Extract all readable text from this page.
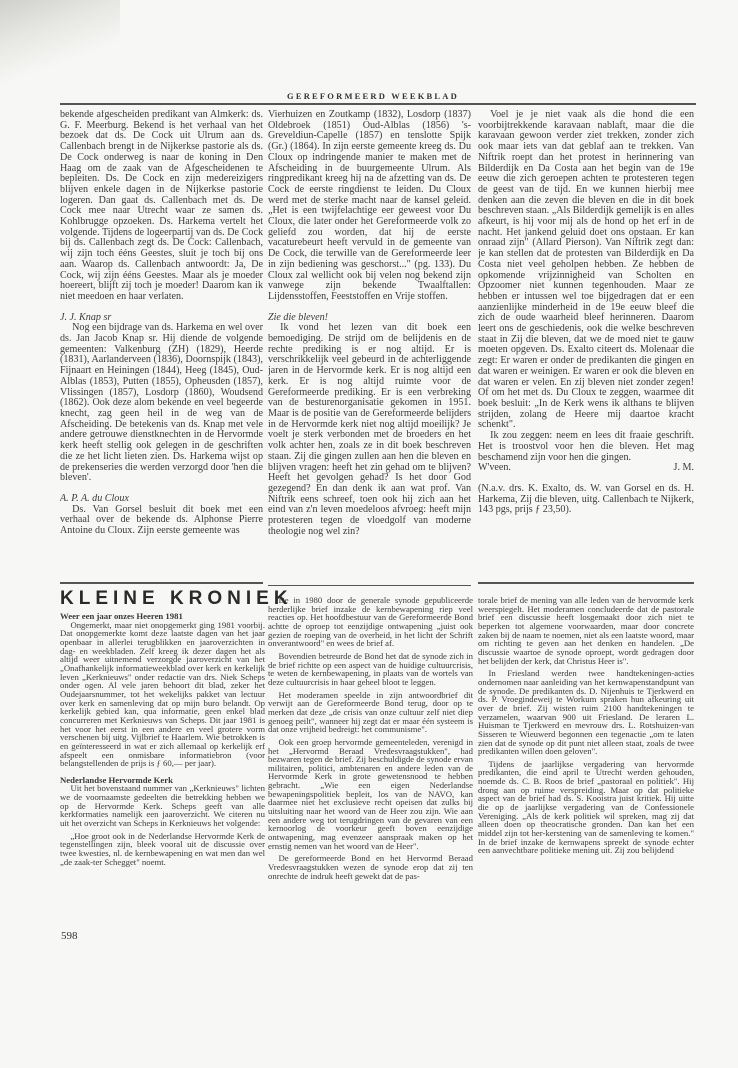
GEREFORMEERD WEEKBLAD

bekende afgescheiden predikant van Almkerk: ds. G. F. Meerburg. Bekend is het verhaal van het bezoek dat ds. De Cock uit Ulrum aan ds. Callenbach brengt in de Nijkerkse pastorie als ds. De Cock onderweg is naar de koning in Den Haag om de zaak van de Afgescheidenen te bepleiten. Ds. De Cock en zijn medereizigers blijven enkele dagen in de Nijkerkse pastorie logeren. Dan gaat ds. Callenbach met ds. De Cock mee naar Utrecht waar ze samen ds. Kohlbrugge opzoeken. Ds. Harkema vertelt het volgende. Tijdens de logeerpartij van ds. De Cock bij ds. Callenbach zegt ds. De Cock: Callenbach, wij zijn toch ééns Geestes, sluit je toch bij ons aan. Waarop ds. Callenbach antwoordt: Ja, De Cock, wij zijn ééns Geestes. Maar als je moeder hoereert, blijft zij toch je moeder! Daarom kan ik niet meedoen en haar verlaten.

J. J. Knap sr

Nog een bijdrage van ds. Harkema en wel over ds. Jan Jacob Knap sr. Hij diende de volgende gemeenten: Valkenburg (ZH) (1829), Heerde (1831), Aarlanderveen (1836), Doornspijk (1843), Fijnaart en Heiningen (1844), Heeg (1845), Oud-Alblas (1853), Putten (1855), Opheusden (1857), Vlissingen (1857), Losdorp (1860), Woudsend (1862). Ook deze alom bekende en veel begeerde knecht, zag geen heil in de weg van de Afscheiding. De betekenis van ds. Knap met vele andere getrouwe dienstknechten in de Hervormde kerk heeft stellig ook gelegen in de geschriften die ze het licht lieten zien. Ds. Harkema wijst op de prekenseries die werden verzorgd door 'hen die bleven'.

A. P. A. du Cloux

Ds. Van Gorsel besluit dit boek met een verhaal over de bekende ds. Alphonse Pierre Antoine du Cloux. Zijn eerste gemeente was

Vierhuizen en Zoutkamp (1832), Losdorp (1837) Oldebroek (1851) Oud-Alblas (1856) 's-Greveldiun-Capelle (1857) en tenslotte Spijk (Gr.) (1864). In zijn eerste gemeente kreeg ds. Du Cloux op indringende manier te maken met de Afscheiding in de buurgemeente Ulrum. Als ringpredikant kreeg hij na de afzetting van ds. De Cock de eerste ringdienst te leiden. Du Cloux werd met de sterke macht naar de kansel geleid. „Het is een twijfelachtige eer geweest voor Du Cloux, die later onder het Gereformeerde volk zo geliefd zou worden, dat hij de eerste vacaturebeurt heeft vervuld in de gemeente van De Cock, die terwille van de Gereformeerde leer in zijn bediening was geschorst..." (pg. 133). Du Cloux zal wellicht ook bij velen nog bekend zijn vanwege zijn bekende Twaalftallen: Lijdensstoffen, Feeststoffen en Vrije stoffen.

Zie die bleven!

Ik vond het lezen van dit boek een bemoediging. De strijd om de belijdenis en de rechte prediking is er nog altijd. Er is verschrikkelijk veel gebeurd in de achterliggende jaren in de Hervormde kerk. Er is nog altijd een kerk. Er is nog altijd ruimte voor de Gereformeerde prediking. Er is een verbreking van de besturenorganisatie gekomen in 1951. Maar is de positie van de Gereformeerde belijders in de Hervormde kerk niet nog altijd moeilijk? Je voelt je sterk verbonden met de broeders en het volk achter hen, zoals ze in dit boek beschreven staan. Zij die gingen zullen aan hen die bleven en blijven vragen: heeft het zin gehad om te blijven? Heeft het gevolgen gehad? Is het door God gezegend? En dan denk ik aan wat prof. Van Niftrik eens schreef, toen ook hij zich aan het eind van z'n leven moedeloos afvroeg: heeft mijn protesteren tegen de vloedgolf van moderne theologie nog wel zin?

Voel je je niet vaak als die hond die een voorbijtrekkende karavaan nablaft, maar die die karavaan gewoon verder ziet trekken, zonder zich ook maar iets van dat geblaf aan te trekken. Van Niftrik roept dan het protest in herinnering van Bilderdijk en Da Costa aan het begin van de 19e eeuw die zich geroepen achten te protesteren tegen de geest van de tijd. En we kunnen hierbij mee denken aan die zeven die bleven en die in dit boek beschreven staan. „Als Bilderdijk gemelijk is en alles afkeurt, is hij voor mij als de hond op het erf in de nacht. Het jankend geluid doet ons opstaan. Er kan onraad zijn" (Allard Pierson). Van Niftrik zegt dan: je kan stellen dat de protesten van Bilderdijk en Da Costa niet veel geholpen hebben. Ze hebben de opkomende vrijzinnigheid van Scholten en Opzoomer niet kunnen tegenhouden. Maar ze hebben er intussen wel toe bijgedragen dat er een aanzienlijke minderheid in de 19e eeuw bleef die zich de oude waarheid bleef herinneren. Daarom leert ons de geschiedenis, ook die welke beschreven staat in Zij die bleven, dat we de moed niet te gauw moeten opgeven. Ds. Exalto citeert ds. Molenaar die zegt: Er waren er onder de predikanten die gingen en dat waren er weinigen. Er waren er ook die bleven en dat waren er velen. En zij bleven niet zonder zegen! Of om het met ds. Du Cloux te zeggen, waarmee dit boek besluit: „In de Kerk wens ik althans te blijven strijden, zolang de Heere mij daartoe kracht schenkt".

Ik zou zeggen: neem en lees dit fraaie geschrift. Het is troostvol voor hen die bleven. Het mag beschamend zijn voor hen die gingen.

W'veen.	J. M.

(N.a.v. drs. K. Exalto, ds. W. van Gorsel en ds. H. Harkema, Zij die bleven, uitg. Callenbach te Nijkerk, 143 pgs, prijs ƒ 23,50).

KLEINE KRONIEK
Weer een jaar onzes Heeren 1981

Ongemerkt, maar niet onopgemerkt ging 1981 voorbij. Dat onopgemerkte komt deze laatste dagen van het jaar openbaar in allerlei terugblikken en jaaroverzichten in dag- en weekbladen. Zelf kreeg ik dezer dagen het als altijd weer uitnemend verzorgde jaaroverzicht van het „Onafhankelijk informatieweekblad over kerk en kerkelijk leven „Kerknieuws" onder redactie van drs. Niek Scheps onder ogen. Al vele jaren behoort dit blad, zeker het Oudejaarsnummer, tot het wekelijks pakket van lectuur over kerk en samenleving dat op mijn buro belandt. Op kerkelijk gebied kan, qua informatie, geen enkel blad concurreren met Kerknieuws van Scheps. Dit jaar 1981 is het voor het eerst in een andere en veel grotere vorm verschenen bij uitg. Vijlbrief te Haarlem. Wie betrokken is en geïnteresseerd in wat er zich allemaal op kerkelijk erf afspeelt een onmisbare informatiebron (voor belangstellenden de prijs is ƒ 60,— per jaar).

Nederlandse Hervormde Kerk

Uit het bovenstaand nummer van „Kerknieuws" lichten we de voornaamste gedeelten die betrekking hebben we op de Hervormde Kerk. Scheps geeft van alle kerkformaties namelijk een jaaroverzicht. We citeren nu uit het overzicht van Scheps in Kerknieuws het volgende:

„Hoe groot ook in de Nederlandse Hervormde Kerk de tegenstellingen zijn, bleek vooral uit de discussie over twee kwesties, nl. de kernbewapening en wat men dan wel „de zaak-ter Schegget" noemt.

De in 1980 door de generale synode gepubliceerde herderlijke brief inzake de kernbewapening riep veel reacties op. Het hoofdbestuur van de Gereformeerde Bond achtte de oproep tot eenzijdige ontwapening „juist ook gezien de roeping van de overheid, in het licht der Schrift onverantwoord" en wees de brief af.

Bovendien betreurde de Bond het dat de synode zich in de brief richtte op een aspect van de huidige cultuurcrisis, te weten de kernbewapening, in plaats van de wortels van deze cultuurcrisis in haar geheel bloot te leggen.

Het moderamen speelde in zijn antwoordbrief dit verwijt aan de Gereformeerde Bond terug, door op te merken dat deze „de crisis van onze cultuur zelf niet diep genoeg peilt", wanneer hij zegt dat er maar één systeem is dat onze vrijheid bedreigt: het communisme".

Ook een groep hervormde gemeenteleden, verenigd in het „Hervormd Beraad Vredesvraagstukken", had bezwaren tegen de brief. Zij beschuldigde de synode ervan militairen, politici, ambtenaren en andere leden van de Hervormde Kerk in grote gewetensnood te hebben gebracht. „Wie een eigen Nederlandse bewapeningspolitiek bepleit, los van de NAVO, kan daarmee niet het exclusieve recht opeisen dat zulks bij uitsluiting naar het woord van de Heer zou zijn. Wie aan een andere weg tot terugdringen van de gevaren van een kernoorlog de voorkeur geeft boven eenzijdige ontwapening, mag evenzeer aanspraak maken op het ernstig nemen van het woord van de Heer".

De gereformeerde Bond en het Hervormd Beraad Vredesvraagstukken wezen de synode erop dat zij ten onrechte de indruk heeft gewekt dat de pas-

torale brief de mening van alle leden van de hervormde kerk weerspiegelt. Het moderamen concludeerde dat de pastorale brief een discussie heeft losgemaakt door zich niet te beperken tot algemene voorwaarden, maar door concrete zaken bij de naam te noemen, niet als een laatste woord, maar om richting te geven aan het denken en handelen. „De discussie waartoe de synode oproept, wordt gedragen door het belijden der kerk, dat Christus Heer is".

In Friesland werden twee handtekeningen-acties ondernomen naar aanleiding van het kernwapenstandpunt van de synode. De predikanten ds. D. Nijenhuis te Tjerkwerd en ds. P. Vroegindeweij te Workum spraken hun afkeuring uit over de brief. Zij wisten ruim 2100 handtekeningen te verzamelen, waarvan 900 uit Friesland. De leraren L. Huisman te Tjerkwerd en mevrouw drs. L. Rotshuizen-van Sisseren te Wieuwerd begonnen een tegenactie „om te laten zien dat de synode op dit punt niet alleen staat, zoals de twee predikanten willen doen geloven".

Tijdens de jaarlijkse vergadering van hervormde predikanten, die eind april te Utrecht werden gehouden, noemde ds. C. B. Roos de brief „pastoraal en politiek". Hij drong aan op ruime verspreiding. Maar op dat politieke aspect van de brief had ds. S. Kooistra juist kritiek. Hij uitte die op de jaarlijkse vergadering van de Confessionele Vereniging. „Als de kerk politiek wil spreken, mag zij dat alleen doen op theocratische gronden. Dan kan het een middel zijn tot her-kerstening van de samenleving te komen." In de brief inzake de kernwapens spreekt de synode echter een aanvechtbare politieke mening uit. Zij zou belijdend

598
